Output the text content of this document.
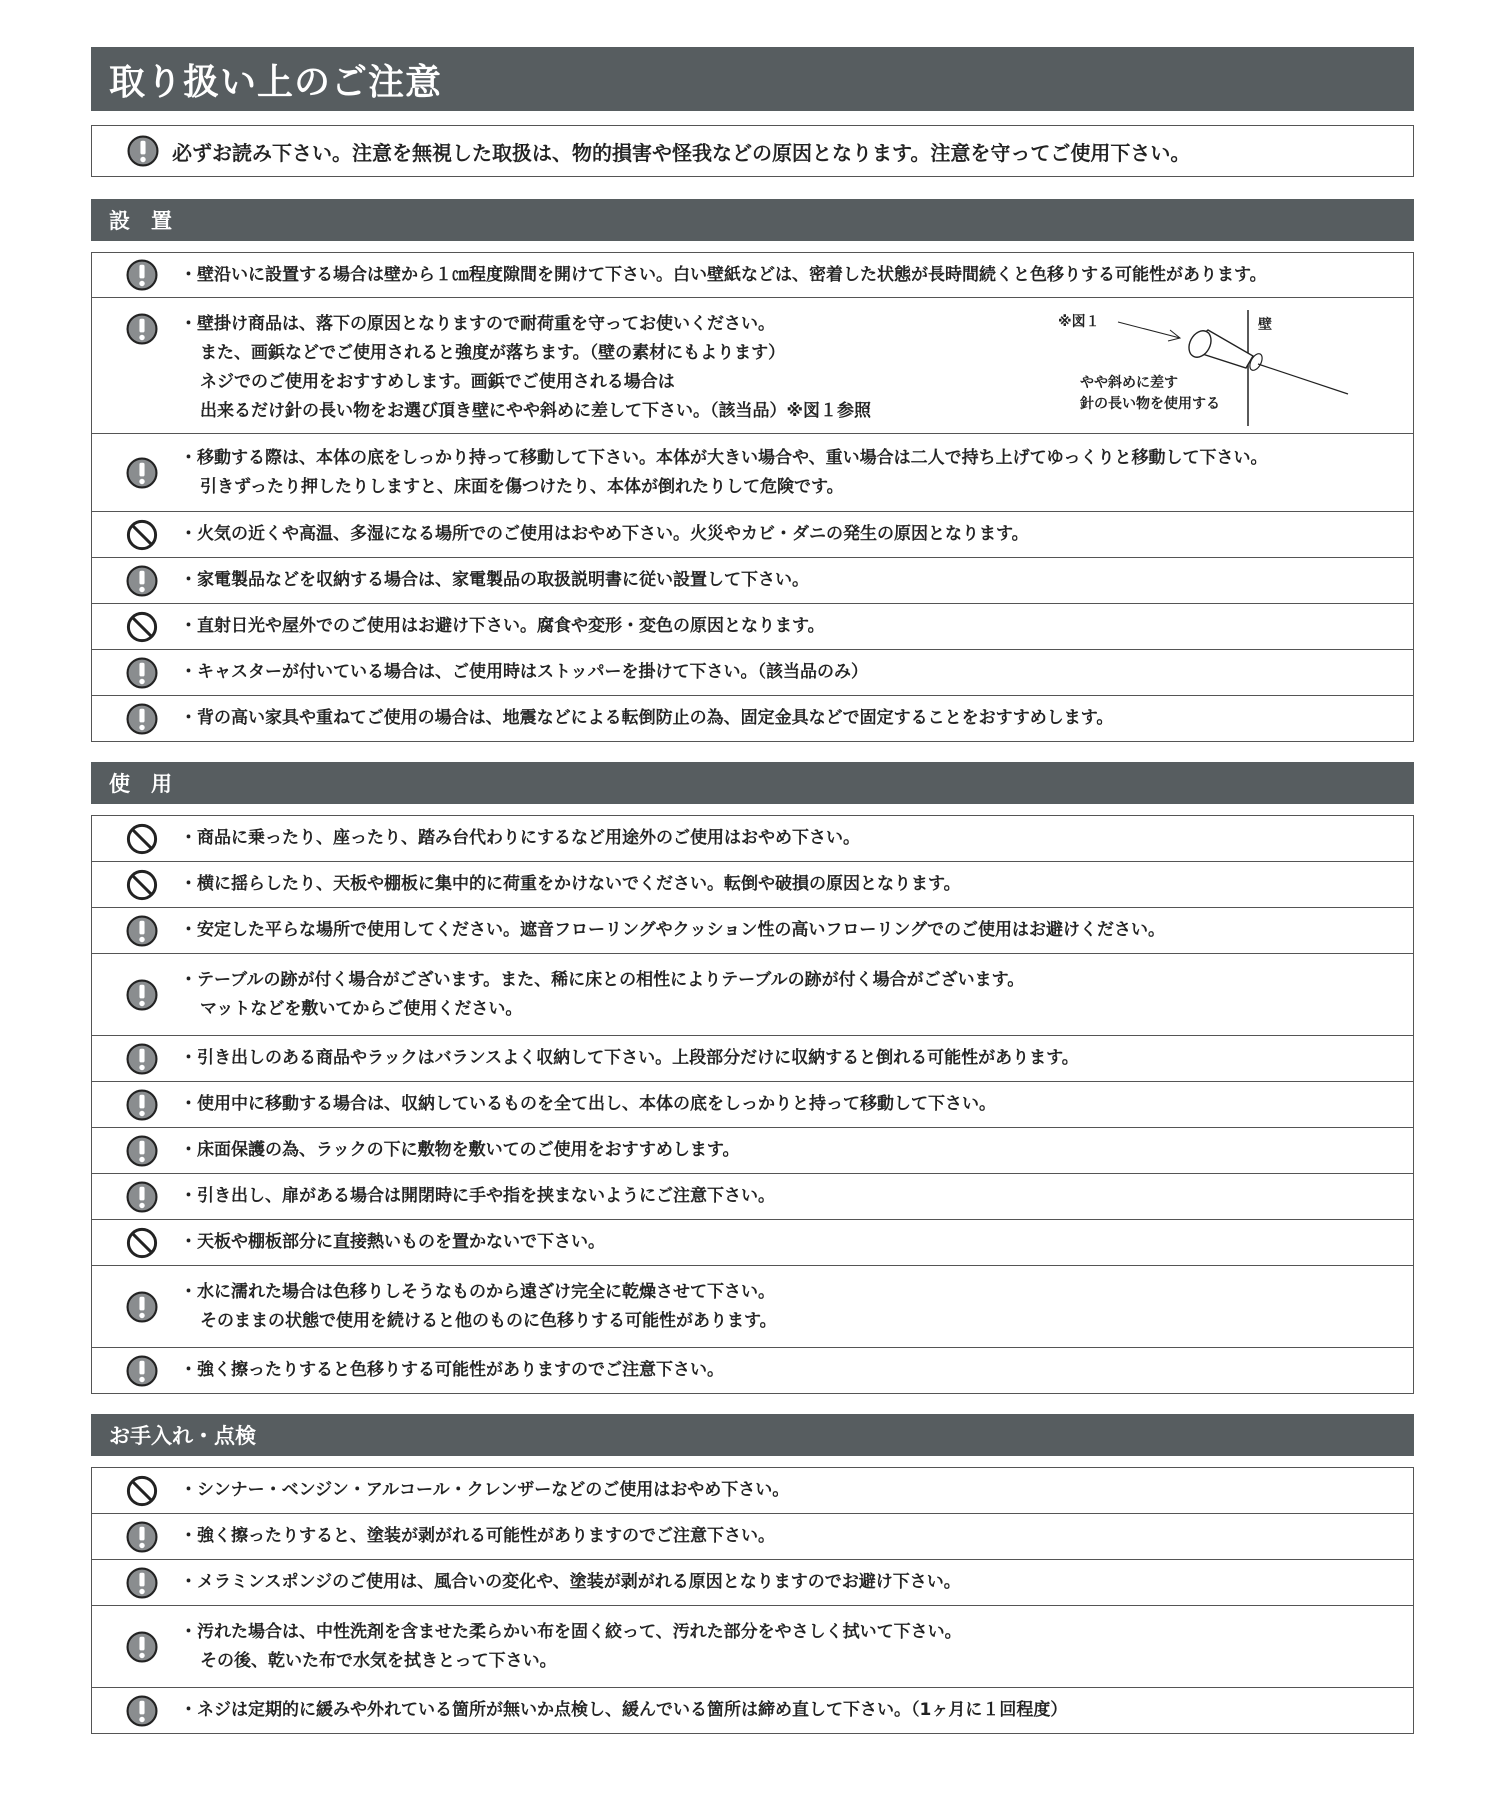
取り扱い上のご注意
必ずお読み下さい。注意を無視した取扱は、物的損害や怪我などの原因となります。注意を守ってご使用下さい。
設　置
・壁沿いに設置する場合は壁から１㎝程度隙間を開けて下さい。白い壁紙などは、密着した状態が長時間続くと色移りする可能性があります。
・壁掛け商品は、落下の原因となりますので耐荷重を守ってお使いください。
また、画鋲などでご使用されると強度が落ちます。（壁の素材にもよります）
ネジでのご使用をおすすめします。画鋲でご使用される場合は
出来るだけ針の長い物をお選び頂き壁にやや斜めに差して下さい。（該当品）※図１参照
※図１	壁
やや斜めに差す
針の長い物を使用する
・移動する際は、本体の底をしっかり持って移動して下さい。本体が大きい場合や、重い場合は二人で持ち上げてゆっくりと移動して下さい。
引きずったり押したりしますと、床面を傷つけたり、本体が倒れたりして危険です。
・火気の近くや高温、多湿になる場所でのご使用はおやめ下さい。火災やカビ・ダニの発生の原因となります。
・家電製品などを収納する場合は、家電製品の取扱説明書に従い設置して下さい。
・直射日光や屋外でのご使用はお避け下さい。腐食や変形・変色の原因となります。
・キャスターが付いている場合は、ご使用時はストッパーを掛けて下さい。（該当品のみ）
・背の高い家具や重ねてご使用の場合は、地震などによる転倒防止の為、固定金具などで固定することをおすすめします。
使　用
・商品に乗ったり、座ったり、踏み台代わりにするなど用途外のご使用はおやめ下さい。
・横に揺らしたり、天板や棚板に集中的に荷重をかけないでください。転倒や破損の原因となります。
・安定した平らな場所で使用してください。遮音フローリングやクッション性の高いフローリングでのご使用はお避けください。
・テーブルの跡が付く場合がございます。また、稀に床との相性によりテーブルの跡が付く場合がございます。
マットなどを敷いてからご使用ください。
・引き出しのある商品やラックはバランスよく収納して下さい。上段部分だけに収納すると倒れる可能性があります。
・使用中に移動する場合は、収納しているものを全て出し、本体の底をしっかりと持って移動して下さい。
・床面保護の為、ラックの下に敷物を敷いてのご使用をおすすめします。
・引き出し、扉がある場合は開閉時に手や指を挟まないようにご注意下さい。
・天板や棚板部分に直接熱いものを置かないで下さい。
・水に濡れた場合は色移りしそうなものから遠ざけ完全に乾燥させて下さい。
そのままの状態で使用を続けると他のものに色移りする可能性があります。
・強く擦ったりすると色移りする可能性がありますのでご注意下さい。
お手入れ・点検
・シンナー・ベンジン・アルコール・クレンザーなどのご使用はおやめ下さい。
・強く擦ったりすると、塗装が剥がれる可能性がありますのでご注意下さい。
・メラミンスポンジのご使用は、風合いの変化や、塗装が剥がれる原因となりますのでお避け下さい。
・汚れた場合は、中性洗剤を含ませた柔らかい布を固く絞って、汚れた部分をやさしく拭いて下さい。
その後、乾いた布で水気を拭きとって下さい。
・ネジは定期的に緩みや外れている箇所が無いか点検し、緩んでいる箇所は締め直して下さい。（1ヶ月に１回程度）
